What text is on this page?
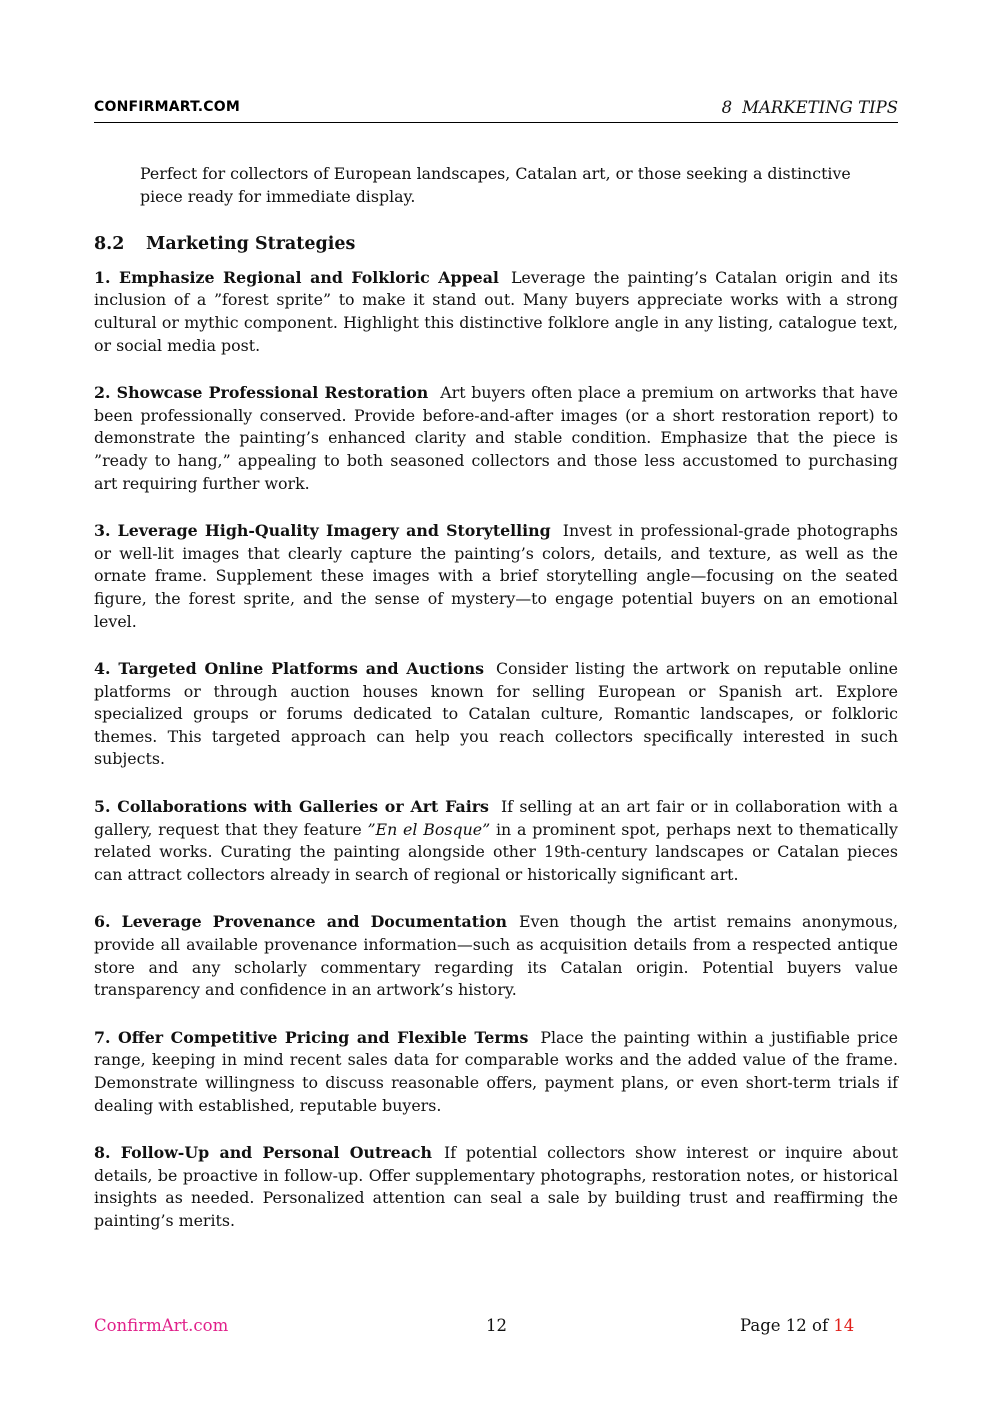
CONFIRMART.COM	8 MARKETING TIPS

Perfect for collectors of European landscapes, Catalan art, or those seeking a distinctive piece ready for immediate display.

8.2 Marketing Strategies

1. Emphasize Regional and Folkloric Appeal Leverage the painting’s Catalan origin and its inclusion of a ”forest sprite” to make it stand out. Many buyers appreciate works with a strong cultural or mythic component. Highlight this distinctive folklore angle in any listing, catalogue text, or social media post.

2. Showcase Professional Restoration Art buyers often place a premium on artworks that have been professionally conserved. Provide before-and-after images (or a short restoration report) to demonstrate the painting’s enhanced clarity and stable condition. Emphasize that the piece is ”ready to hang,” appealing to both seasoned collectors and those less accustomed to purchasing art requiring further work.

3. Leverage High-Quality Imagery and Storytelling Invest in professional-grade photographs or well-lit images that clearly capture the painting’s colors, details, and texture, as well as the ornate frame. Supplement these images with a brief storytelling angle—focusing on the seated figure, the forest sprite, and the sense of mystery—to engage potential buyers on an emotional level.

4. Targeted Online Platforms and Auctions Consider listing the artwork on reputable online platforms or through auction houses known for selling European or Spanish art. Explore specialized groups or forums dedicated to Catalan culture, Romantic landscapes, or folkloric themes. This targeted approach can help you reach collectors specifically interested in such subjects.

5. Collaborations with Galleries or Art Fairs If selling at an art fair or in collaboration with a gallery, request that they feature ”En el Bosque” in a prominent spot, perhaps next to thematically related works. Curating the painting alongside other 19th-century landscapes or Catalan pieces can attract collectors already in search of regional or historically significant art.

6. Leverage Provenance and Documentation Even though the artist remains anonymous, provide all available provenance information—such as acquisition details from a respected antique store and any scholarly commentary regarding its Catalan origin. Potential buyers value transparency and confidence in an artwork’s history.

7. Offer Competitive Pricing and Flexible Terms Place the painting within a justifiable price range, keeping in mind recent sales data for comparable works and the added value of the frame. Demonstrate willingness to discuss reasonable offers, payment plans, or even short-term trials if dealing with established, reputable buyers.

8. Follow-Up and Personal Outreach If potential collectors show interest or inquire about details, be proactive in follow-up. Offer supplementary photographs, restoration notes, or historical insights as needed. Personalized attention can seal a sale by building trust and reaffirming the painting’s merits.

ConfirmArt.com	12	Page 12 of 14
